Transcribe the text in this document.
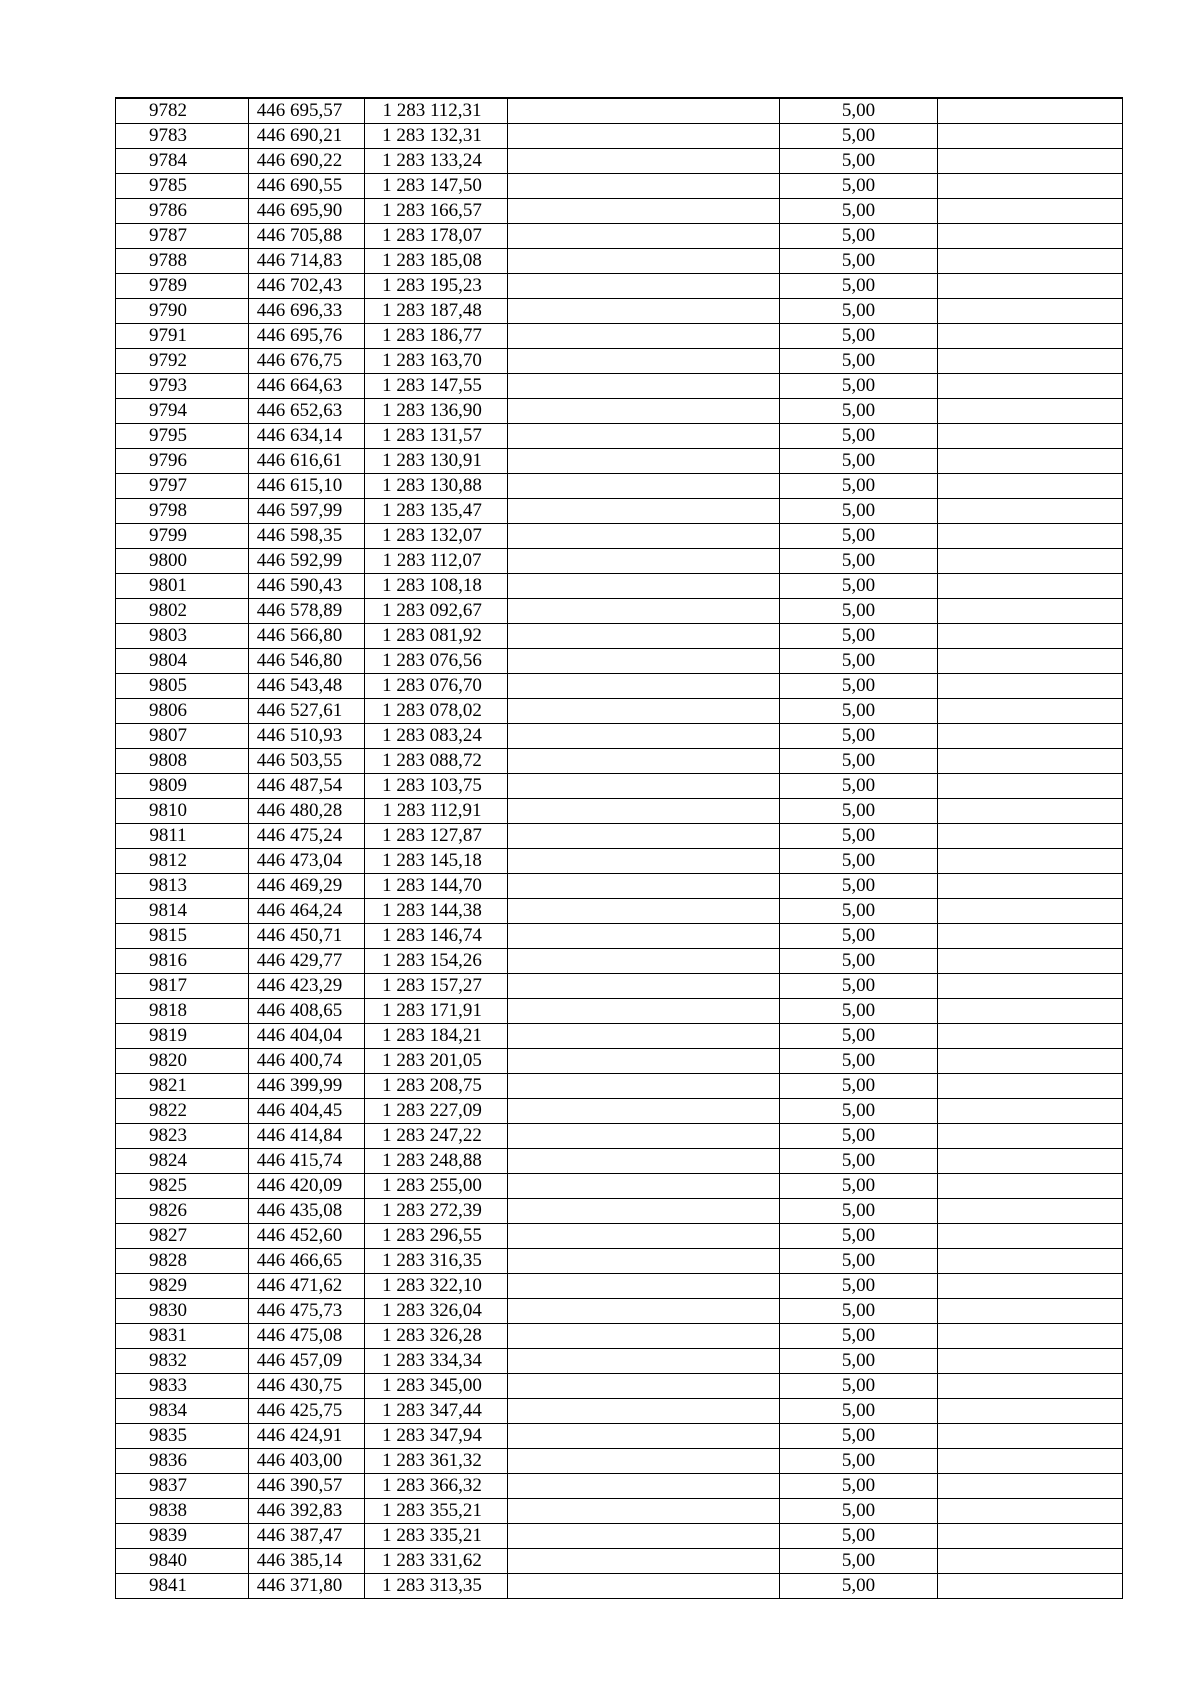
9782	446 695,57	1 283 112,31		5,00	
9783	446 690,21	1 283 132,31		5,00	
9784	446 690,22	1 283 133,24		5,00	
9785	446 690,55	1 283 147,50		5,00	
9786	446 695,90	1 283 166,57		5,00	
9787	446 705,88	1 283 178,07		5,00	
9788	446 714,83	1 283 185,08		5,00	
9789	446 702,43	1 283 195,23		5,00	
9790	446 696,33	1 283 187,48		5,00	
9791	446 695,76	1 283 186,77		5,00	
9792	446 676,75	1 283 163,70		5,00	
9793	446 664,63	1 283 147,55		5,00	
9794	446 652,63	1 283 136,90		5,00	
9795	446 634,14	1 283 131,57		5,00	
9796	446 616,61	1 283 130,91		5,00	
9797	446 615,10	1 283 130,88		5,00	
9798	446 597,99	1 283 135,47		5,00	
9799	446 598,35	1 283 132,07		5,00	
9800	446 592,99	1 283 112,07		5,00	
9801	446 590,43	1 283 108,18		5,00	
9802	446 578,89	1 283 092,67		5,00	
9803	446 566,80	1 283 081,92		5,00	
9804	446 546,80	1 283 076,56		5,00	
9805	446 543,48	1 283 076,70		5,00	
9806	446 527,61	1 283 078,02		5,00	
9807	446 510,93	1 283 083,24		5,00	
9808	446 503,55	1 283 088,72		5,00	
9809	446 487,54	1 283 103,75		5,00	
9810	446 480,28	1 283 112,91		5,00	
9811	446 475,24	1 283 127,87		5,00	
9812	446 473,04	1 283 145,18		5,00	
9813	446 469,29	1 283 144,70		5,00	
9814	446 464,24	1 283 144,38		5,00	
9815	446 450,71	1 283 146,74		5,00	
9816	446 429,77	1 283 154,26		5,00	
9817	446 423,29	1 283 157,27		5,00	
9818	446 408,65	1 283 171,91		5,00	
9819	446 404,04	1 283 184,21		5,00	
9820	446 400,74	1 283 201,05		5,00	
9821	446 399,99	1 283 208,75		5,00	
9822	446 404,45	1 283 227,09		5,00	
9823	446 414,84	1 283 247,22		5,00	
9824	446 415,74	1 283 248,88		5,00	
9825	446 420,09	1 283 255,00		5,00	
9826	446 435,08	1 283 272,39		5,00	
9827	446 452,60	1 283 296,55		5,00	
9828	446 466,65	1 283 316,35		5,00	
9829	446 471,62	1 283 322,10		5,00	
9830	446 475,73	1 283 326,04		5,00	
9831	446 475,08	1 283 326,28		5,00	
9832	446 457,09	1 283 334,34		5,00	
9833	446 430,75	1 283 345,00		5,00	
9834	446 425,75	1 283 347,44		5,00	
9835	446 424,91	1 283 347,94		5,00	
9836	446 403,00	1 283 361,32		5,00	
9837	446 390,57	1 283 366,32		5,00	
9838	446 392,83	1 283 355,21		5,00	
9839	446 387,47	1 283 335,21		5,00	
9840	446 385,14	1 283 331,62		5,00	
9841	446 371,80	1 283 313,35		5,00	
